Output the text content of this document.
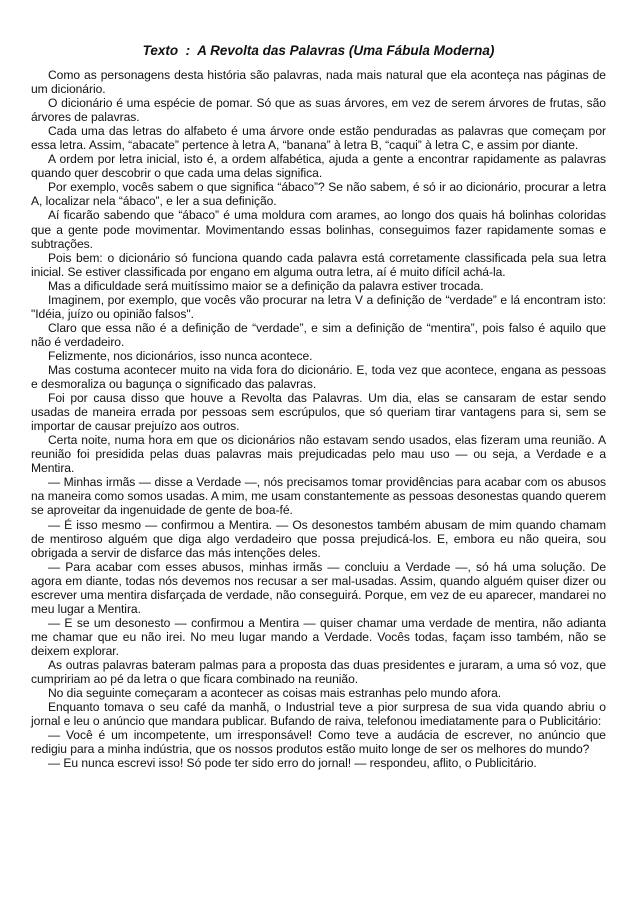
Texto  :  A Revolta das Palavras (Uma Fábula Moderna)

Como as personagens desta história são palavras, nada mais natural que ela aconteça nas páginas de um dicionário.

O dicionário é uma espécie de pomar. Só que as suas árvores, em vez de serem árvores de frutas, são árvores de palavras.

Cada uma das letras do alfabeto é uma árvore onde estão penduradas as palavras que começam por essa letra. Assim, “abacate” pertence à letra A, “banana” à letra B, “caqui” à letra C, e assim por diante.

A ordem por letra inicial, isto é, a ordem alfabética, ajuda a gente a encontrar rapidamente as palavras quando quer descobrir o que cada uma delas significa.

Por exemplo, vocês sabem o que significa “ábaco”? Se não sabem, é só ir ao dicionário, procurar a letra A, localizar nela “ábaco”, e ler a sua definição.

Aí ficarão sabendo que “ábaco” é uma moldura com arames, ao longo dos quais há bolinhas coloridas que a gente pode movimentar. Movimentando essas bolinhas, conseguimos fazer rapidamente somas e subtrações.

Pois bem: o dicionário só funciona quando cada palavra está corretamente classificada pela sua letra inicial. Se estiver classificada por engano em alguma outra letra, aí é muito difícil achá-la.

Mas a dificuldade será muitíssimo maior se a definição da palavra estiver trocada.

Imaginem, por exemplo, que vocês vão procurar na letra V a definição de “verdade” e lá encontram isto: "Idéia, juízo ou opinião falsos".

Claro que essa não é a definição de “verdade”, e sim a definição de “mentira”, pois falso é aquilo que não é verdadeiro.

Felizmente, nos dicionários, isso nunca acontece.

Mas costuma acontecer muito na vida fora do dicionário. E, toda vez que acontece, engana as pessoas e desmoraliza ou bagunça o significado das palavras.

Foi por causa disso que houve a Revolta das Palavras. Um dia, elas se cansaram de estar sendo usadas de maneira errada por pessoas sem escrúpulos, que só queriam tirar vantagens para si, sem se importar de causar prejuízo aos outros.

Certa noite, numa hora em que os dicionários não estavam sendo usados, elas fizeram uma reunião. A reunião foi presidida pelas duas palavras mais prejudicadas pelo mau uso — ou seja, a Verdade e a Mentira.

— Minhas irmãs — disse a Verdade —, nós precisamos tomar providências para acabar com os abusos na maneira como somos usadas. A mim, me usam constantemente as pessoas desonestas quando querem se aproveitar da ingenuidade de gente de boa-fé.

— É isso mesmo — confirmou a Mentira. — Os desonestos também abusam de mim quando chamam de mentiroso alguém que diga algo verdadeiro que possa prejudicá-los. E, embora eu não queira, sou obrigada a servir de disfarce das más intenções deles.

— Para acabar com esses abusos, minhas irmãs — concluiu a Verdade —, só há uma solução. De agora em diante, todas nós devemos nos recusar a ser mal-usadas. Assim, quando alguém quiser dizer ou escrever uma mentira disfarçada de verdade, não conseguirá. Porque, em vez de eu aparecer, mandarei no meu lugar a Mentira.

— E se um desonesto — confirmou a Mentira — quiser chamar uma verdade de mentira, não adianta me chamar que eu não irei. No meu lugar mando a Verdade. Vocês todas, façam isso também, não se deixem explorar.

As outras palavras bateram palmas para a proposta das duas presidentes e juraram, a uma só voz, que cumpririam ao pé da letra o que ficara combinado na reunião.

No dia seguinte começaram a acontecer as coisas mais estranhas pelo mundo afora.

Enquanto tomava o seu café da manhã, o Industrial teve a pior surpresa de sua vida quando abriu o jornal e leu o anúncio que mandara publicar. Bufando de raiva, telefonou imediatamente para o Publicitário:

— Você é um incompetente, um irresponsável! Como teve a audácia de escrever, no anúncio que redigiu para a minha indústria, que os nossos produtos estão muito longe de ser os melhores do mundo?

— Eu nunca escrevi isso! Só pode ter sido erro do jornal! — respondeu, aflito, o Publicitário.
